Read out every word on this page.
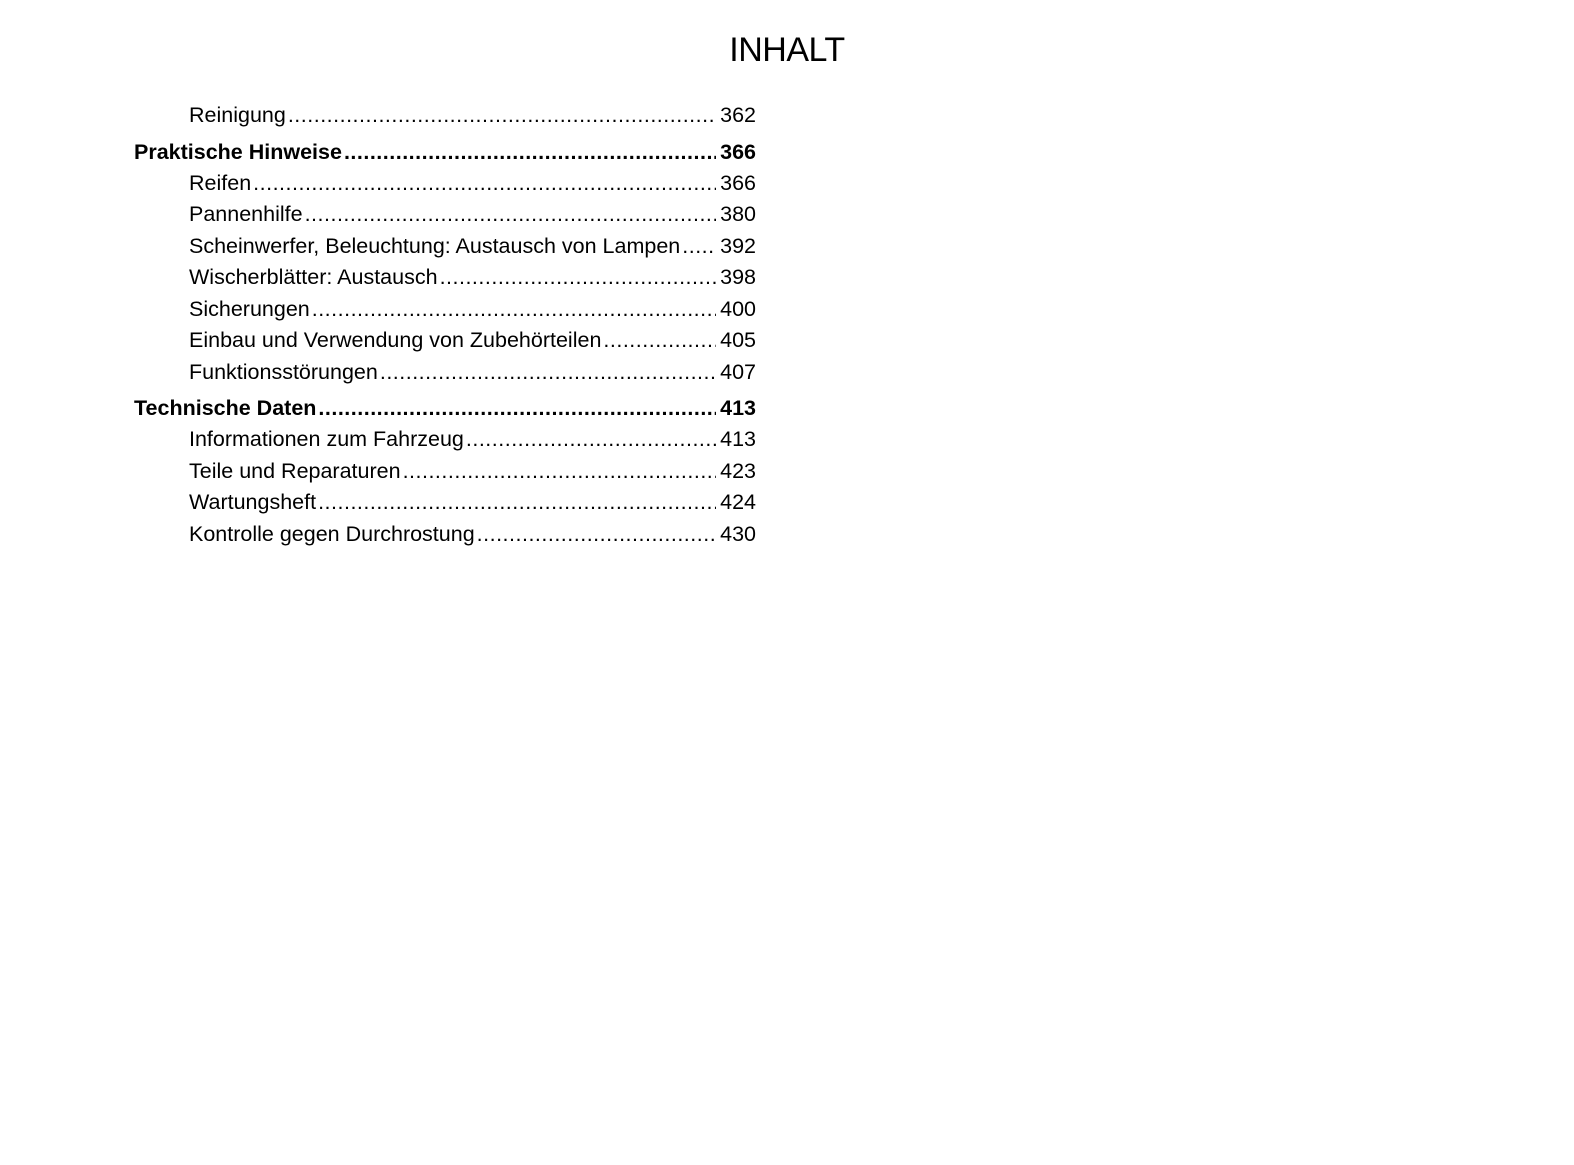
INHALT
Reinigung .....	362
Praktische Hinweise .....	366
Reifen .....	366
Pannenhilfe .....	380
Scheinwerfer, Beleuchtung: Austausch von Lampen ..... 392
Wischerblätter: Austausch .....	398
Sicherungen .....	400
Einbau und Verwendung von Zubehörteilen .....	405
Funktionsstörungen .....	407
Technische Daten .....	413
Informationen zum Fahrzeug .....	413
Teile und Reparaturen .....	423
Wartungsheft .....	424
Kontrolle gegen Durchrostung .....	430
